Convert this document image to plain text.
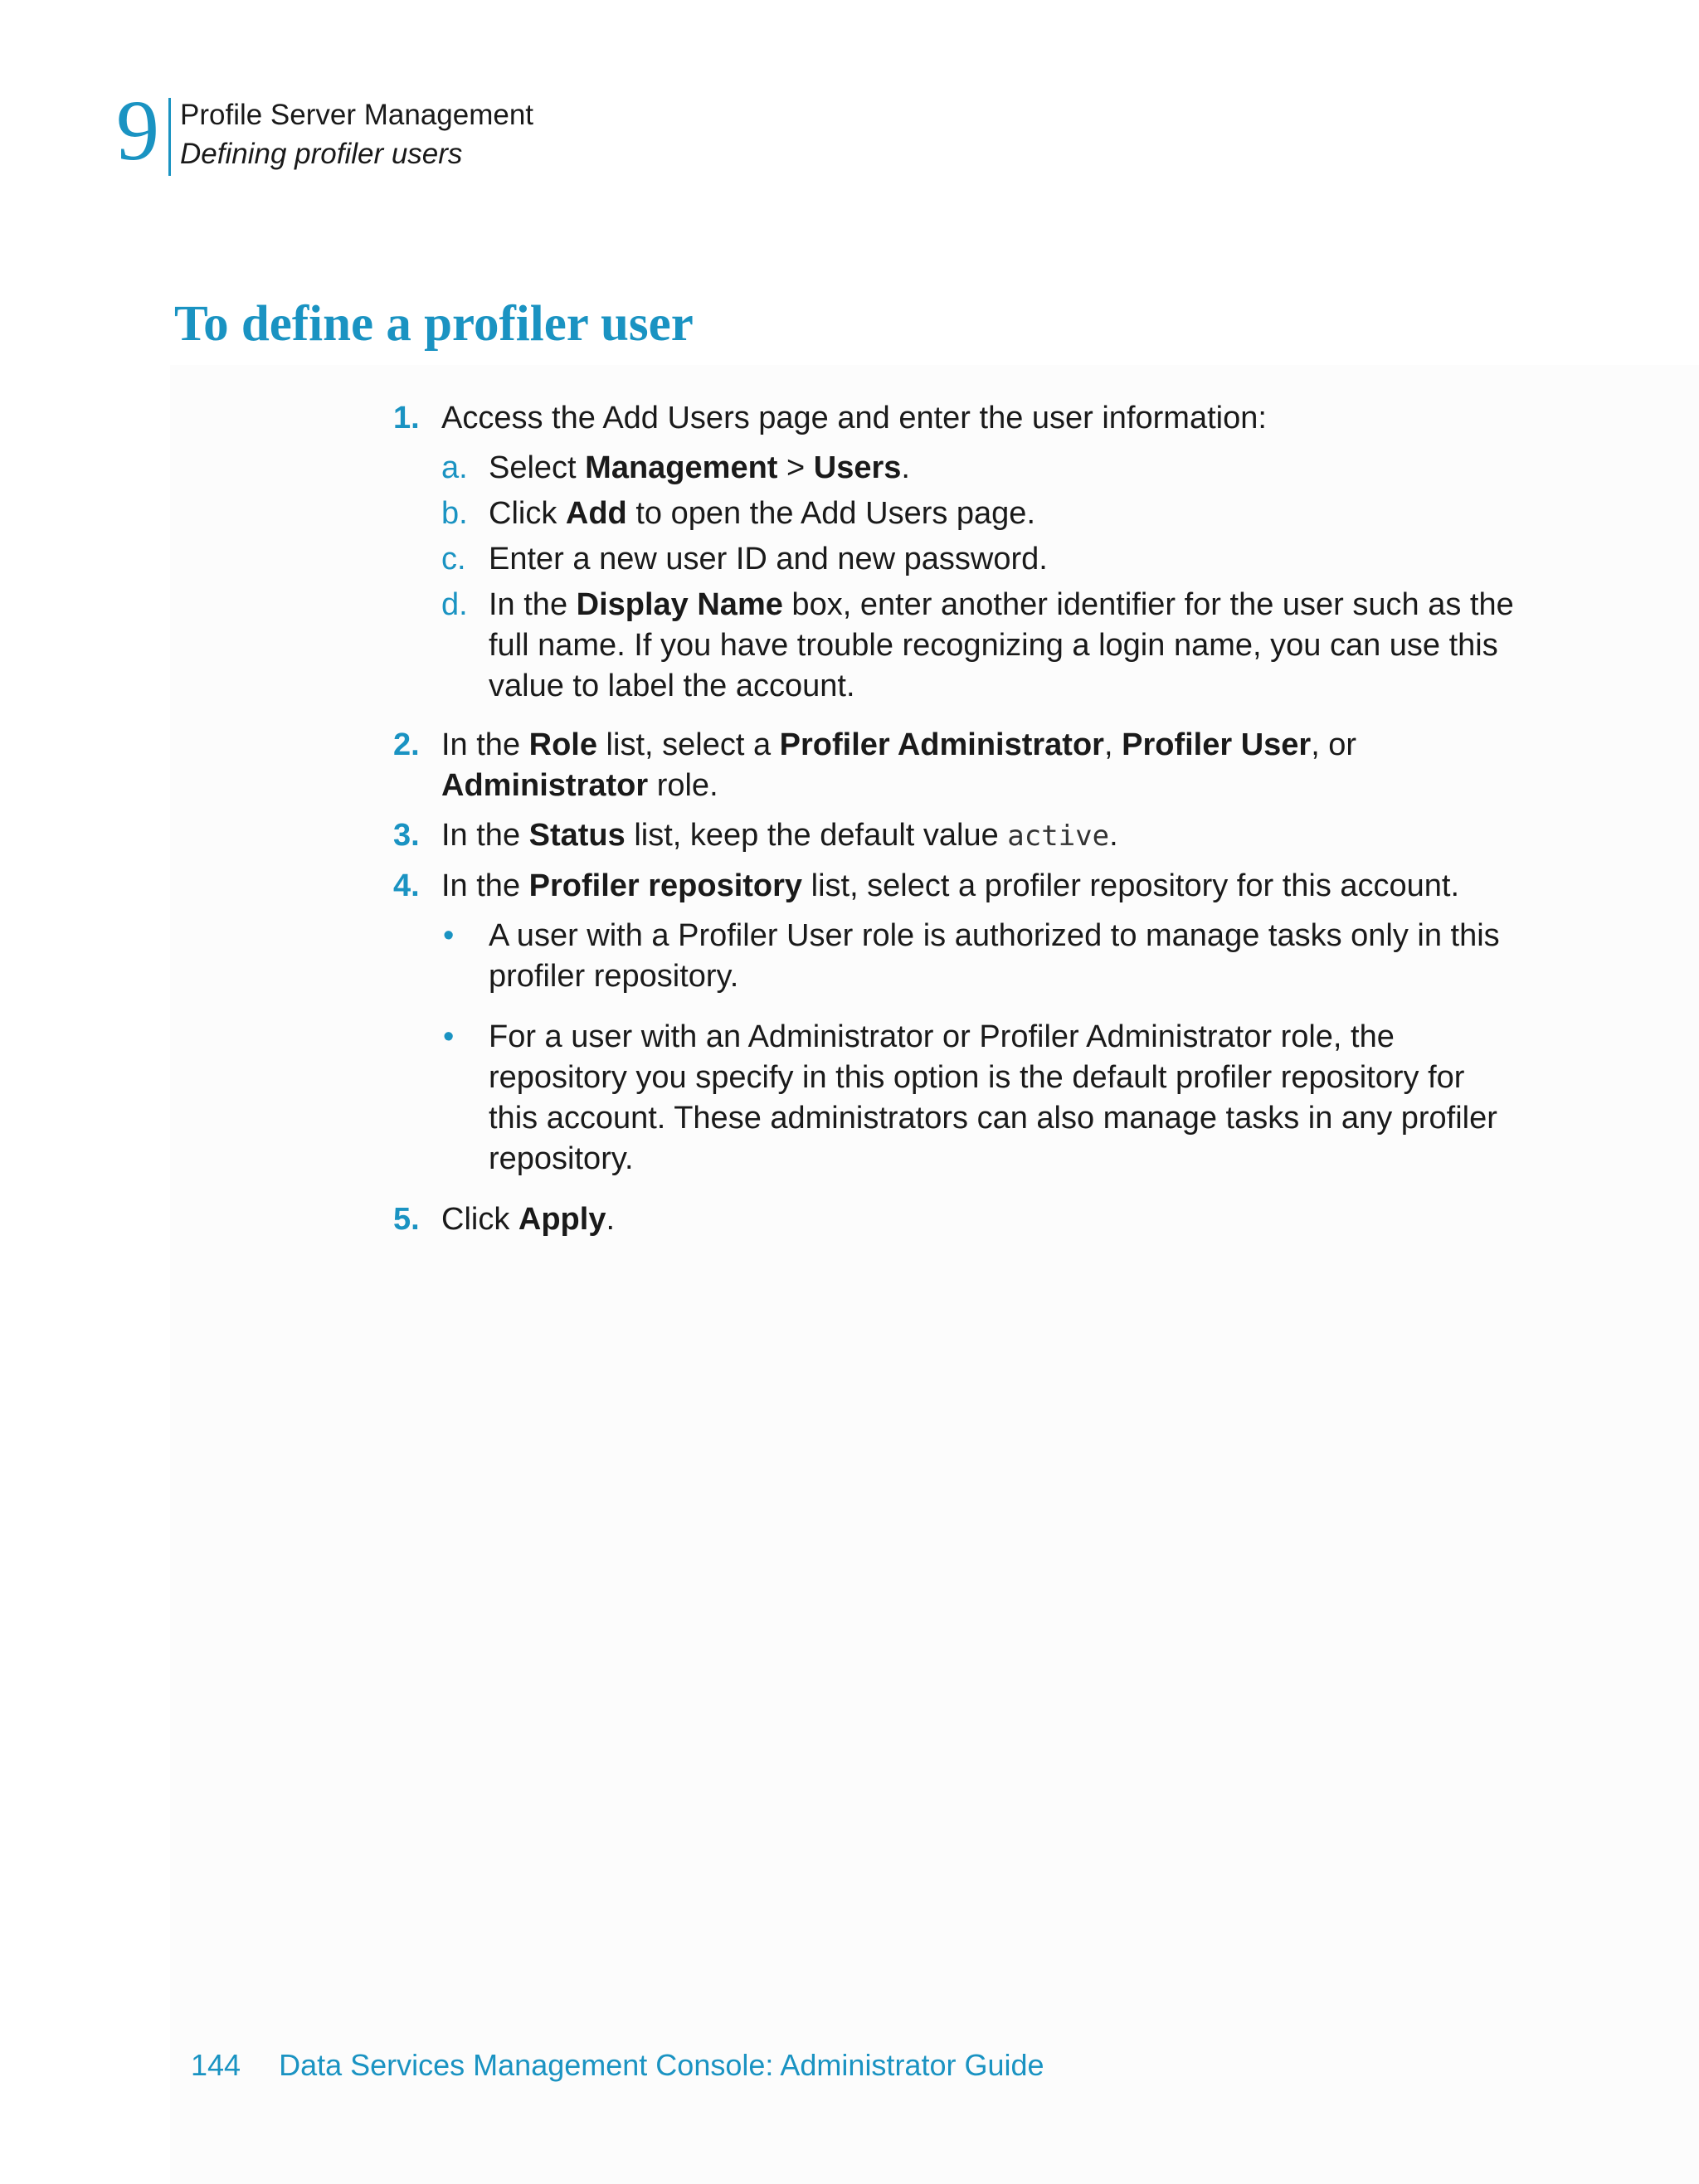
9 Profile Server Management
Defining profiler users
To define a profiler user
1. Access the Add Users page and enter the user information:
a. Select Management > Users.
b. Click Add to open the Add Users page.
c. Enter a new user ID and new password.
d. In the Display Name box, enter another identifier for the user such as the full name. If you have trouble recognizing a login name, you can use this value to label the account.
2. In the Role list, select a Profiler Administrator, Profiler User, or Administrator role.
3. In the Status list, keep the default value active.
4. In the Profiler repository list, select a profiler repository for this account.
• A user with a Profiler User role is authorized to manage tasks only in this profiler repository.
• For a user with an Administrator or Profiler Administrator role, the repository you specify in this option is the default profiler repository for this account. These administrators can also manage tasks in any profiler repository.
5. Click Apply.
144 Data Services Management Console: Administrator Guide
